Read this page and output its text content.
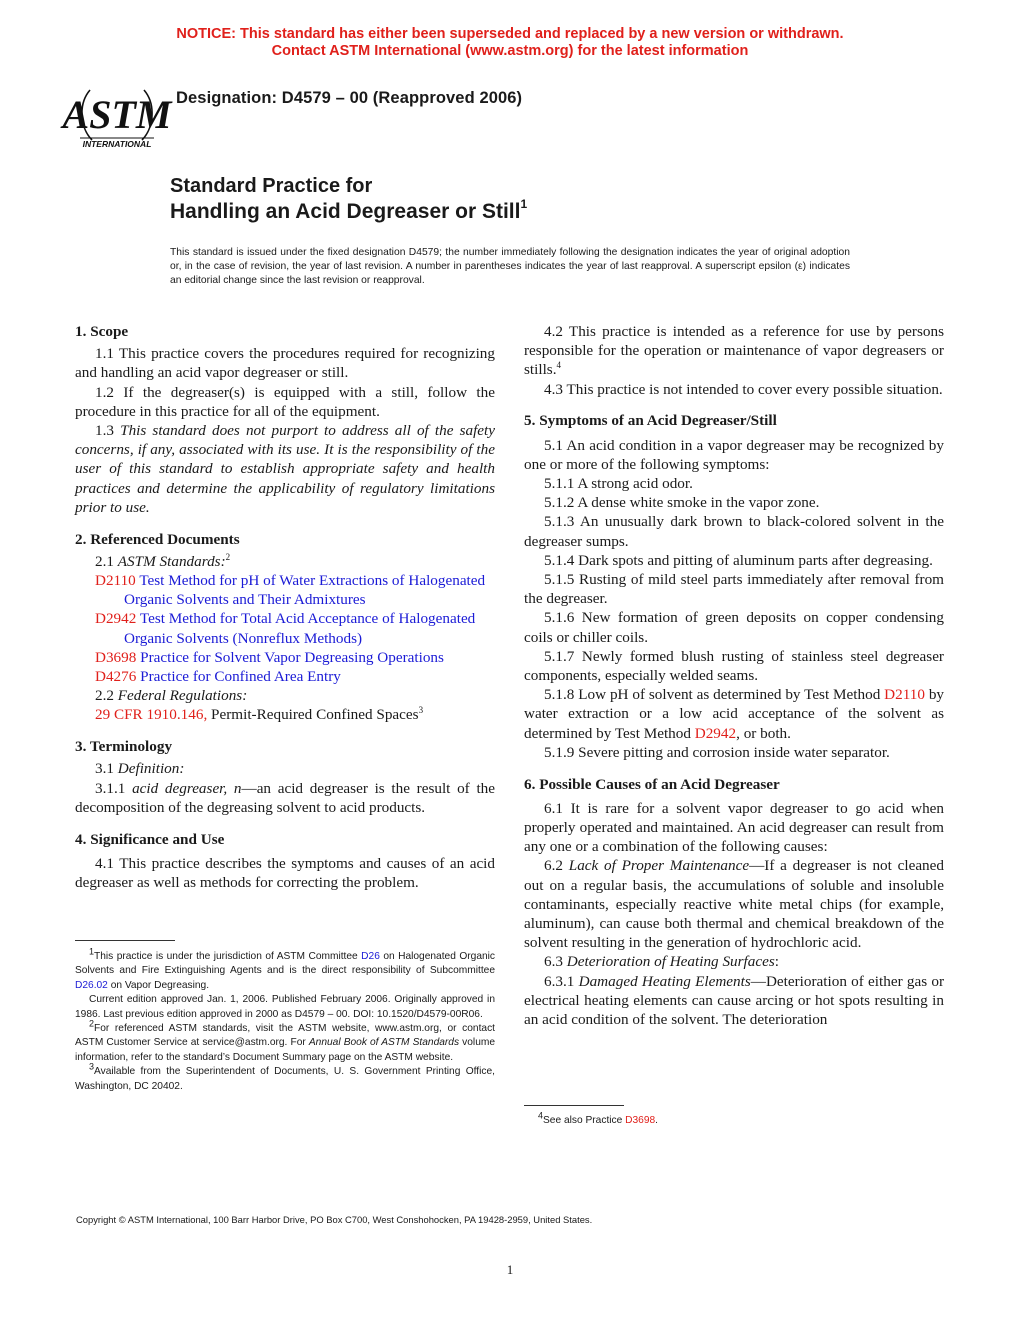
NOTICE: This standard has either been superseded and replaced by a new version or withdrawn.
Contact ASTM International (www.astm.org) for the latest information
ASTM
INTERNATIONAL
Designation: D4579 – 00 (Reapproved 2006)
Standard Practice for
Handling an Acid Degreaser or Still$^1$
This standard is issued under the fixed designation D4579; the number immediately following the designation indicates the year of original adoption or, in the case of revision, the year of last revision. A number in parentheses indicates the year of last reapproval. A superscript epsilon (ε) indicates an editorial change since the last revision or reapproval.
1. Scope

1.1 This practice covers the procedures required for recognizing and handling an acid vapor degreaser or still.

1.2 If the degreaser(s) is equipped with a still, follow the procedure in this practice for all of the equipment.

1.3 This standard does not purport to address all of the safety concerns, if any, associated with its use. It is the responsibility of the user of this standard to establish appropriate safety and health practices and determine the applicability of regulatory limitations prior to use.

2. Referenced Documents

2.1 ASTM Standards:$^2$

D2110 Test Method for pH of Water Extractions of Halogenated Organic Solvents and Their Admixtures

D2942 Test Method for Total Acid Acceptance of Halogenated Organic Solvents (Nonreflux Methods)

D3698 Practice for Solvent Vapor Degreasing Operations

D4276 Practice for Confined Area Entry

2.2 Federal Regulations:

29 CFR 1910.146, Permit-Required Confined Spaces$^3$

3. Terminology

3.1 Definition:

3.1.1 acid degreaser, n—an acid degreaser is the result of the decomposition of the degreasing solvent to acid products.

4. Significance and Use

4.1 This practice describes the symptoms and causes of an acid degreaser as well as methods for correcting the problem.

$^1$This practice is under the jurisdiction of ASTM Committee D26 on Halogenated Organic Solvents and Fire Extinguishing Agents and is the direct responsibility of Subcommittee D26.02 on Vapor Degreasing.

Current edition approved Jan. 1, 2006. Published February 2006. Originally approved in 1986. Last previous edition approved in 2000 as D4579 – 00. DOI: 10.1520/D4579-00R06.

$^2$For referenced ASTM standards, visit the ASTM website, www.astm.org, or contact ASTM Customer Service at service@astm.org. For Annual Book of ASTM Standards volume information, refer to the standard’s Document Summary page on the ASTM website.

$^3$Available from the Superintendent of Documents, U. S. Government Printing Office, Washington, DC 20402.

4.2 This practice is intended as a reference for use by persons responsible for the operation or maintenance of vapor degreasers or stills.$^4$

4.3 This practice is not intended to cover every possible situation.

5. Symptoms of an Acid Degreaser/Still

5.1 An acid condition in a vapor degreaser may be recognized by one or more of the following symptoms:

5.1.1 A strong acid odor.

5.1.2 A dense white smoke in the vapor zone.

5.1.3 An unusually dark brown to black-colored solvent in the degreaser sumps.

5.1.4 Dark spots and pitting of aluminum parts after degreasing.

5.1.5 Rusting of mild steel parts immediately after removal from the degreaser.

5.1.6 New formation of green deposits on copper condensing coils or chiller coils.

5.1.7 Newly formed blush rusting of stainless steel degreaser components, especially welded seams.

5.1.8 Low pH of solvent as determined by Test Method D2110 by water extraction or a low acid acceptance of the solvent as determined by Test Method D2942, or both.

5.1.9 Severe pitting and corrosion inside water separator.

6. Possible Causes of an Acid Degreaser

6.1 It is rare for a solvent vapor degreaser to go acid when properly operated and maintained. An acid degreaser can result from any one or a combination of the following causes:

6.2 Lack of Proper Maintenance—If a degreaser is not cleaned out on a regular basis, the accumulations of soluble and insoluble contaminants, especially reactive white metal chips (for example, aluminum), can cause both thermal and chemical breakdown of the solvent resulting in the generation of hydrochloric acid.

6.3 Deterioration of Heating Surfaces:

6.3.1 Damaged Heating Elements—Deterioration of either gas or electrical heating elements can cause arcing or hot spots resulting in an acid condition of the solvent. The deterioration

$^4$See also Practice D3698.

Copyright © ASTM International, 100 Barr Harbor Drive, PO Box C700, West Conshohocken, PA 19428-2959, United States.
1
